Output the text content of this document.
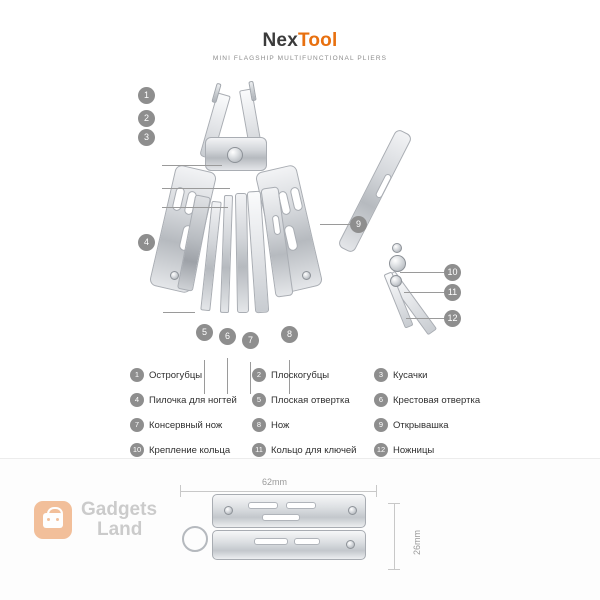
NexTool
MINI FLAGSHIP MULTIFUNCTIONAL PLIERS
1
2
3
4
5	6	7
8
9
10
11
12
1	Острогубцы	2	Плоскогубцы	3	Кусачки
4	Пилочка для ногтей	5	Плоская отвертка	6	Крестовая отвертка
7	Консервный нож	8	Нож	9	Открывашка
10 Крепление кольца	11 Кольцо для ключей	12 Ножницы
62mm
26mm
Gadgets
Land
